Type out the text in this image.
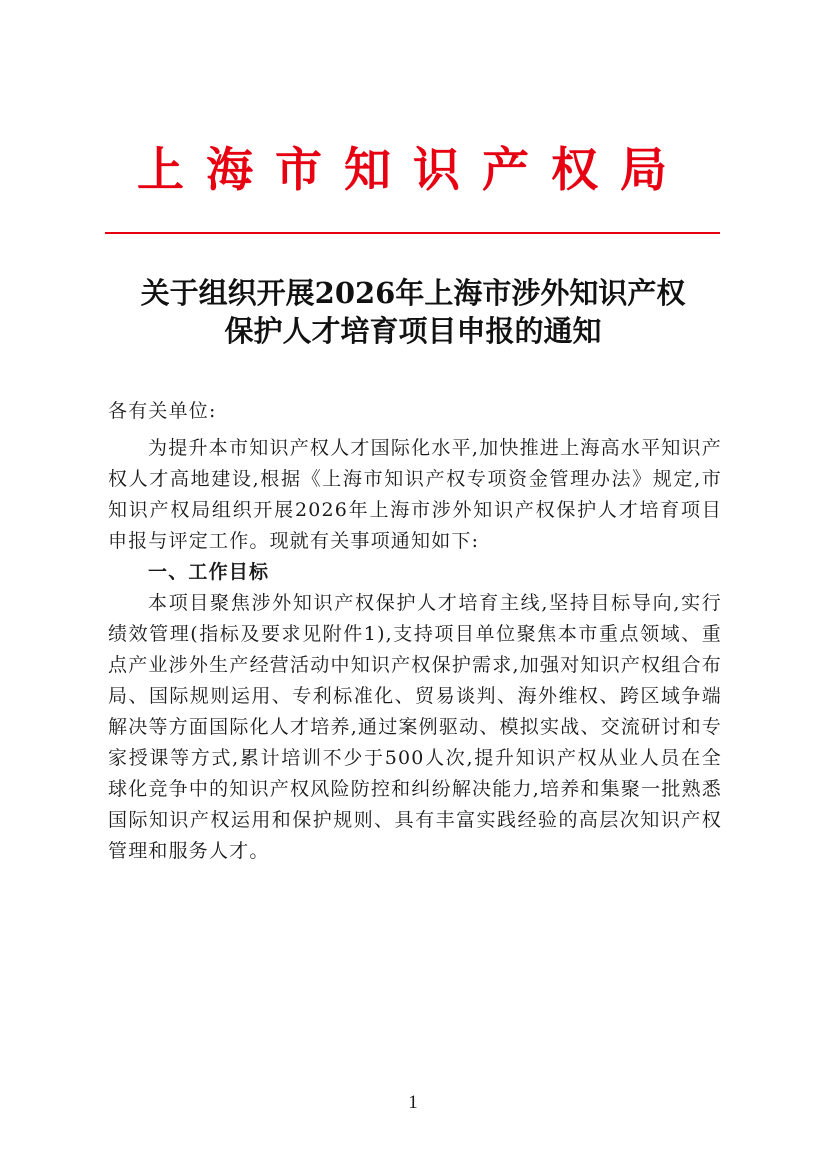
上海市知识产权局
关于组织开展2026年上海市涉外知识产权
保护人才培育项目申报的通知

各有关单位:

为提升本市知识产权人才国际化水平,加快推进上海高水平知识产权人才高地建设,根据《上海市知识产权专项资金管理办法》规定,市知识产权局组织开展2026年上海市涉外知识产权保护人才培育项目申报与评定工作。现就有关事项通知如下:

一、工作目标

本项目聚焦涉外知识产权保护人才培育主线,坚持目标导向,实行绩效管理(指标及要求见附件1),支持项目单位聚焦本市重点领域、重点产业涉外生产经营活动中知识产权保护需求,加强对知识产权组合布局、国际规则运用、专利标准化、贸易谈判、海外维权、跨区域争端解决等方面国际化人才培养,通过案例驱动、模拟实战、交流研讨和专家授课等方式,累计培训不少于500人次,提升知识产权从业人员在全球化竞争中的知识产权风险防控和纠纷解决能力,培养和集聚一批熟悉国际知识产权运用和保护规则、具有丰富实践经验的高层次知识产权管理和服务人才。

1
